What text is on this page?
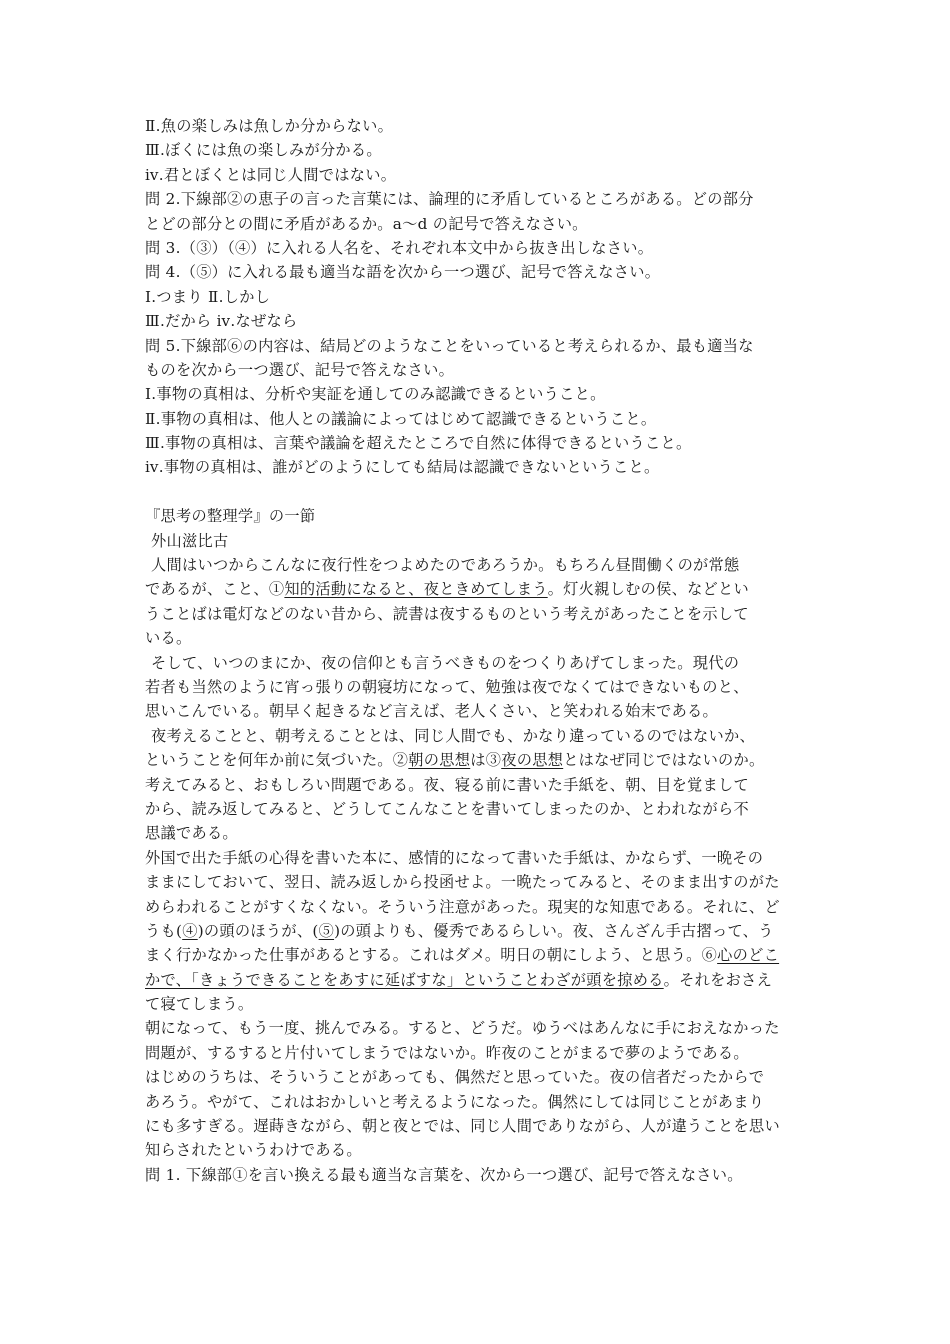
Ⅱ.魚の楽しみは魚しか分からない。
Ⅲ.ぼくには魚の楽しみが分かる。
ⅳ.君とぼくとは同じ人間ではない。
問 2.下線部②の恵子の言った言葉には、論理的に矛盾しているところがある。どの部分
とどの部分との間に矛盾があるか。a〜d の記号で答えなさい。
問 3.（③）（④）に入れる人名を、それぞれ本文中から抜き出しなさい。
問 4.（⑤）に入れる最も適当な語を次から一つ選び、記号で答えなさい。
Ⅰ.つまり Ⅱ.しかし
Ⅲ.だから ⅳ.なぜなら
問 5.下線部⑥の内容は、結局どのようなことをいっていると考えられるか、最も適当な
ものを次から一つ選び、記号で答えなさい。
Ⅰ.事物の真相は、分析や実証を通してのみ認識できるということ。
Ⅱ.事物の真相は、他人との議論によってはじめて認識できるということ。
Ⅲ.事物の真相は、言葉や議論を超えたところで自然に体得できるということ。
ⅳ.事物の真相は、誰がどのようにしても結局は認識できないということ。
『思考の整理学』の一節
外山滋比古
人間はいつからこんなに夜行性をつよめたのであろうか。もちろん昼間働くのが常態
であるが、こと、①知的活動になると、夜ときめてしまう。灯火親しむの侯、などとい
うことばは電灯などのない昔から、読書は夜するものという考えがあったことを示して
いる。
そして、いつのまにか、夜の信仰とも言うべきものをつくりあげてしまった。現代の
若者も当然のように宵っ張りの朝寝坊になって、勉強は夜でなくてはできないものと、
思いこんでいる。朝早く起きるなど言えば、老人くさい、と笑われる始末である。
夜考えることと、朝考えることとは、同じ人間でも、かなり違っているのではないか、
ということを何年か前に気づいた。②朝の思想は③夜の思想とはなぜ同じではないのか。
考えてみると、おもしろい問題である。夜、寝る前に書いた手紙を、朝、目を覚まして
から、読み返してみると、どうしてこんなことを書いてしまったのか、とわれながら不
思議である。
外国で出た手紙の心得を書いた本に、感情的になって書いた手紙は、かならず、一晩その
ままにしておいて、翌日、読み返しから投函せよ。一晩たってみると、そのまま出すのがた
めらわれることがすくなくない。そういう注意があった。現実的な知恵である。それに、ど
うも(④)の頭のほうが、(⑤)の頭よりも、優秀であるらしい。夜、さんざん手古摺って、う
まく行かなかった仕事があるとする。これはダメ。明日の朝にしよう、と思う。⑥心のどこ
かで、「きょうできることをあすに延ばすな」ということわざが頭を掠める。それをおさえ
て寝てしまう。
朝になって、もう一度、挑んでみる。すると、どうだ。ゆうべはあんなに手におえなかった
問題が、するすると片付いてしまうではないか。昨夜のことがまるで夢のようである。
はじめのうちは、そういうことがあっても、偶然だと思っていた。夜の信者だったからで
あろう。やがて、これはおかしいと考えるようになった。偶然にしては同じことがあまり
にも多すぎる。遅蒔きながら、朝と夜とでは、同じ人間でありながら、人が違うことを思い
知らされたというわけである。
問 1. 下線部①を言い換える最も適当な言葉を、次から一つ選び、記号で答えなさい。
